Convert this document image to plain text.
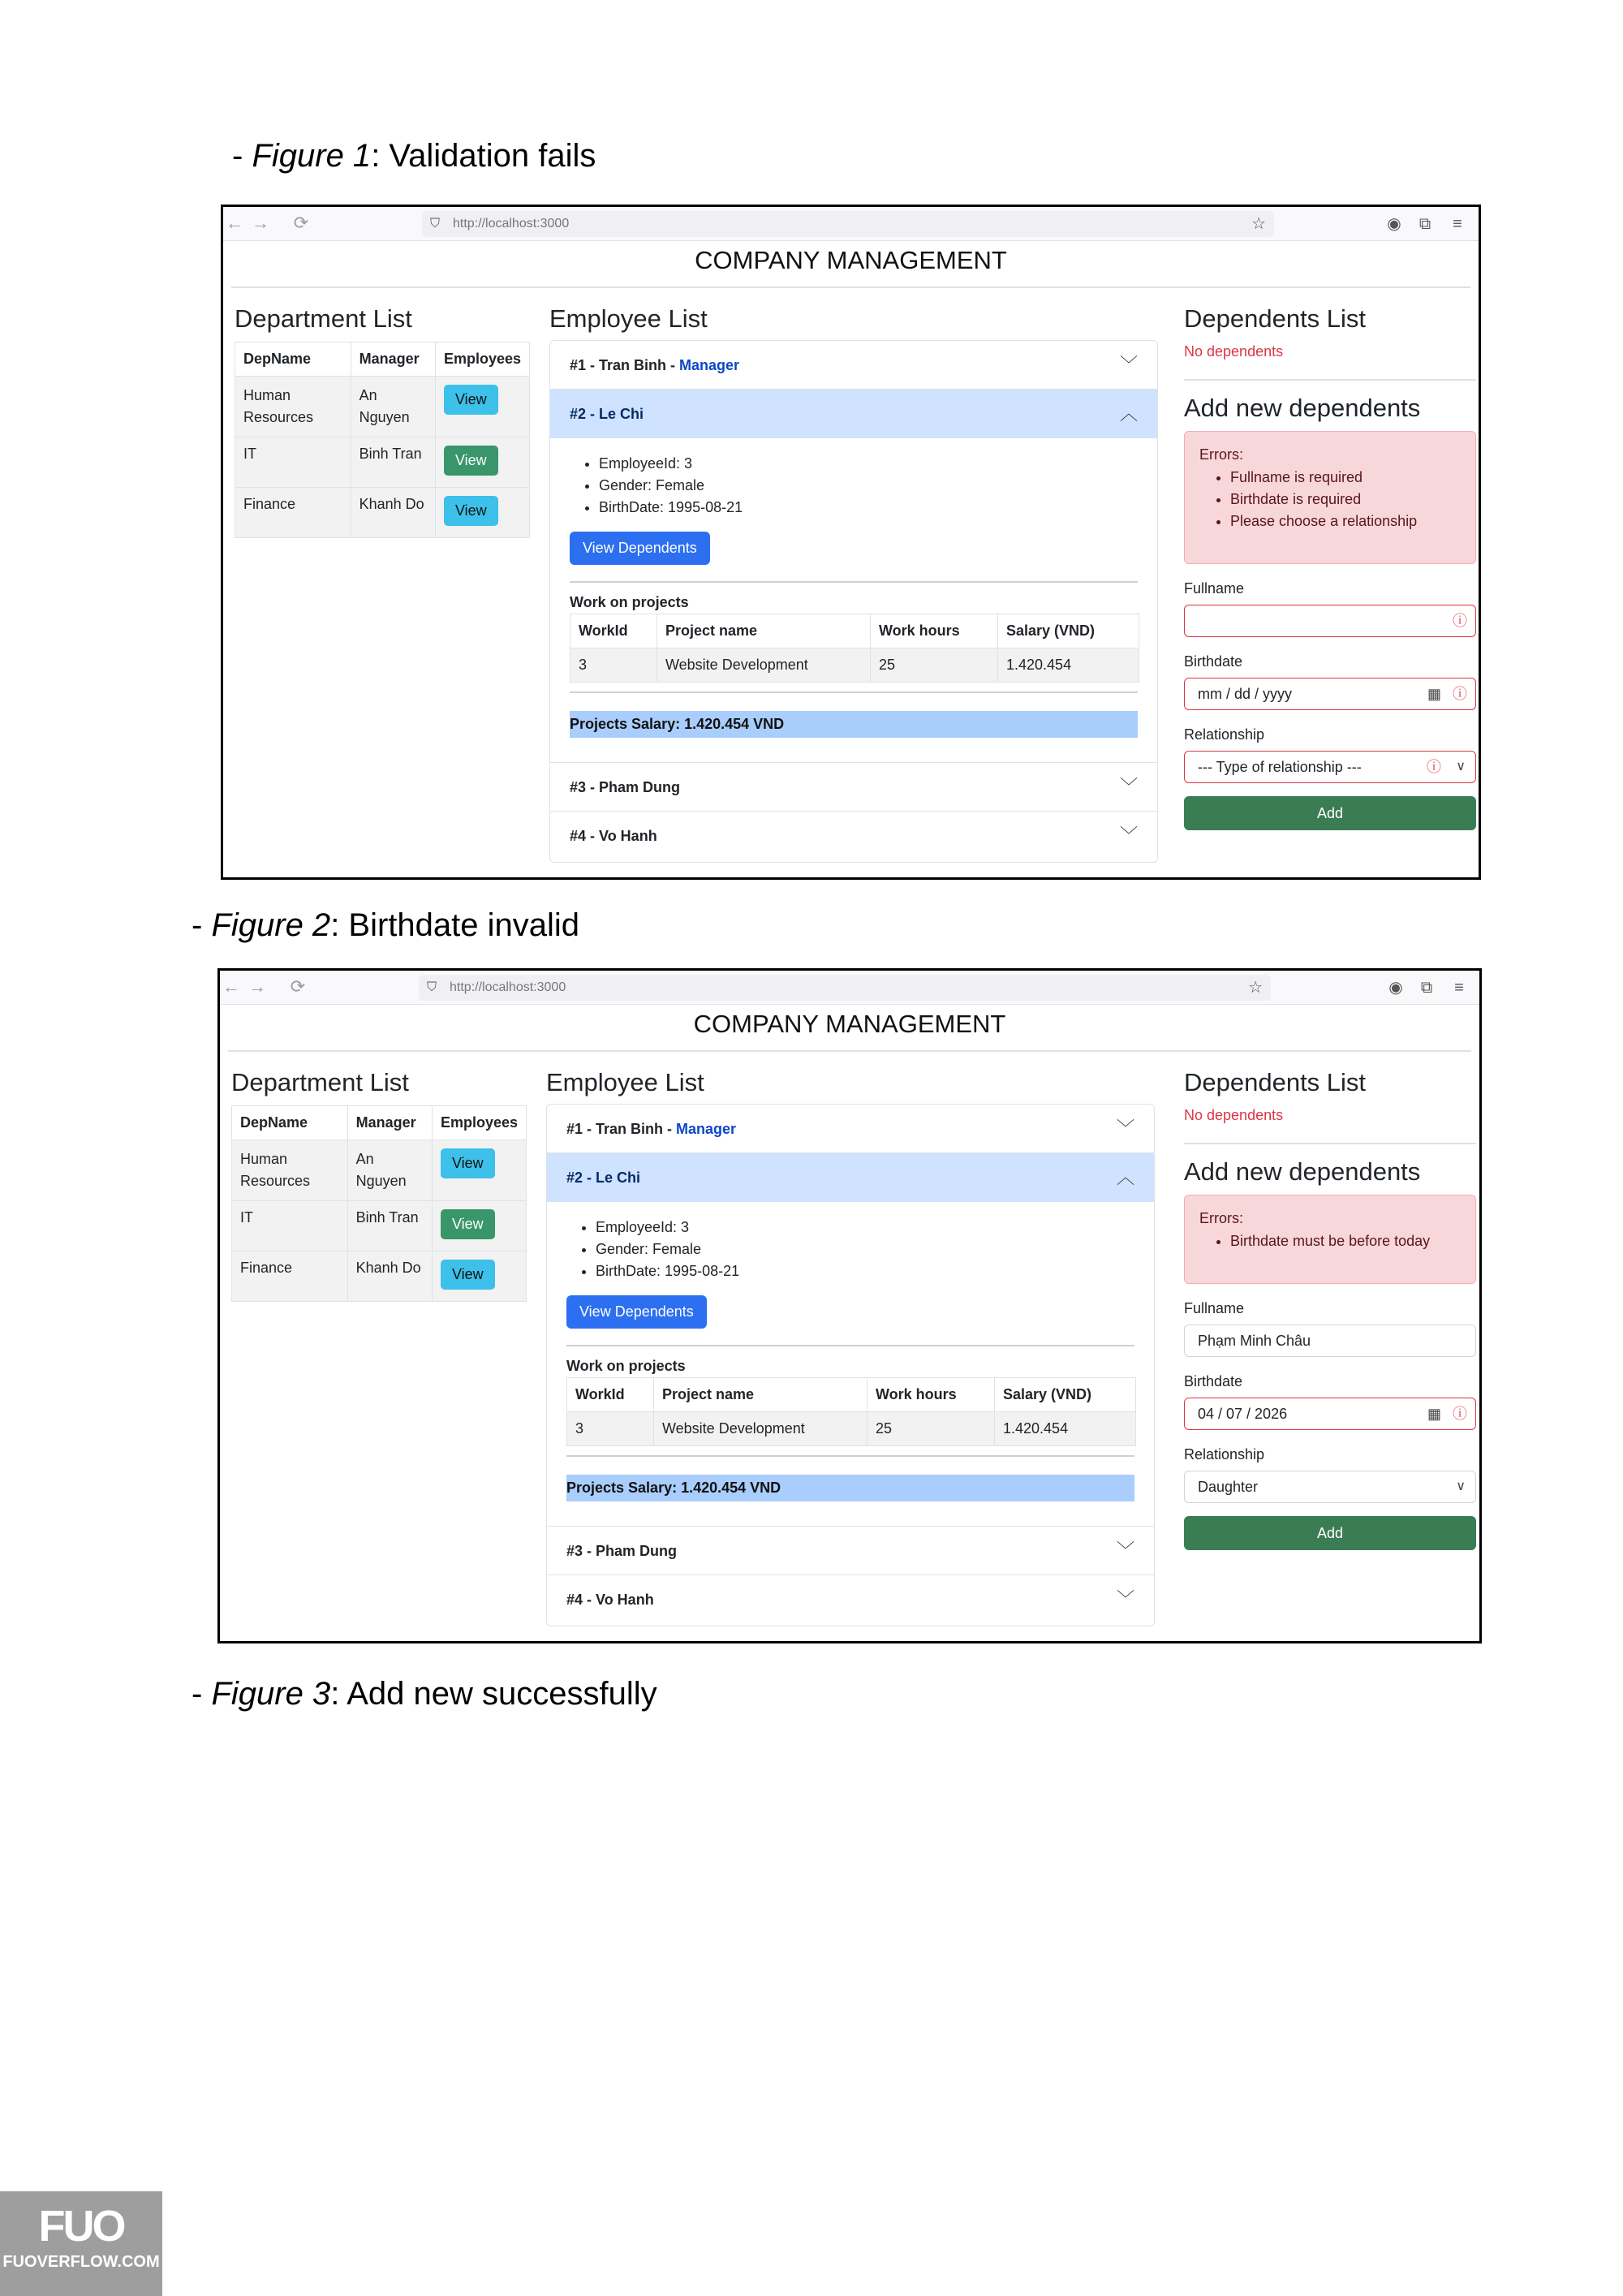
- Figure 1: Validation fails
- Figure 2: Birthdate invalid
- Figure 3: Add new successfully
← → ⟳	⛉ http://localhost:3000	☆	◉ ⧉	≡
COMPANY MANAGEMENT
Department List
DepName	Manager	Employees
Human Resources	An Nguyen	View
IT	Binh Tran	View
Finance	Khanh Do	View
Employee List
#1 - Tran Binh - Manager	﹀
#2 - Le Chi	︿
• EmployeeId: 3
• Gender: Female
• BirthDate: 1995-08-21
View Dependents
Work on projects
WorkId	Project name	Work hours	Salary (VND)
3	Website Development	25	1.420.454
Projects Salary: 1.420.454 VND
#3 - Pham Dung	﹀
#4 - Vo Hanh	﹀
Dependents List
No dependents
Add new dependents
Errors:
• Fullname is required
• Birthdate is required
• Please choose a relationship
Fullname
ⓘ
Birthdate
mm / dd / yyyy	▦ ⓘ
Relationship
--- Type of relationship ---	ⓘ ∨
Add
← → ⟳	⛉ http://localhost:3000	☆	◉ ⧉	≡
COMPANY MANAGEMENT
Department List
DepName	Manager	Employees
Human Resources	An Nguyen	View
IT	Binh Tran	View
Finance	Khanh Do	View
Employee List
#1 - Tran Binh - Manager	﹀
#2 - Le Chi	︿
• EmployeeId: 3
• Gender: Female
• BirthDate: 1995-08-21
View Dependents
Work on projects
WorkId	Project name	Work hours	Salary (VND)
3	Website Development	25	1.420.454
Projects Salary: 1.420.454 VND
#3 - Pham Dung	﹀
#4 - Vo Hanh	﹀
Dependents List
No dependents
Add new dependents
Errors:
• Birthdate must be before today
Fullname
Phạm Minh Châu
Birthdate
04 / 07 / 2026	▦ ⓘ
Relationship
Daughter	∨
Add
FUO
FUOVERFLOW.COM
